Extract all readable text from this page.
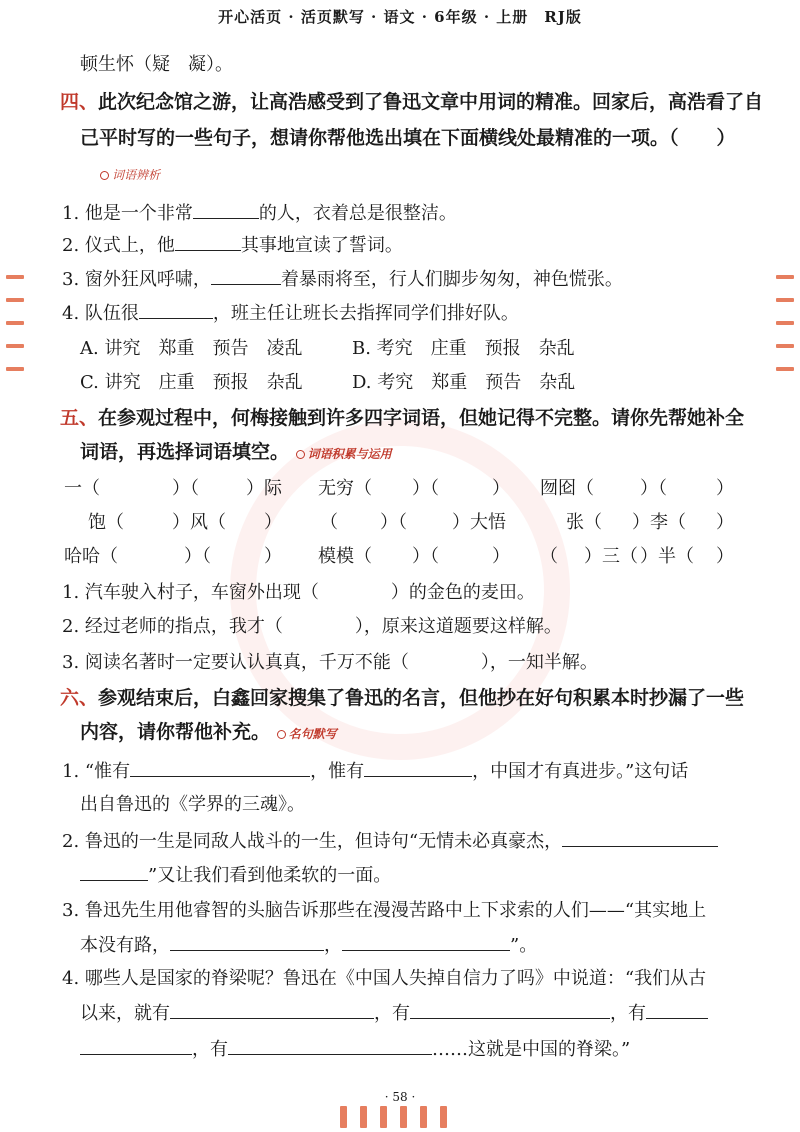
开心活页 · 活页默写 · 语文 · 6年级 · 上册　RJ版
顿生怀（疑　凝）。
四、此次纪念馆之游，让高浩感受到了鲁迅文章中用词的精准。回家后，高浩看了自
己平时写的一些句子，想请你帮他选出填在下面横线处最精准的一项。（　　）
词语辨析
1. 他是一个非常	的人，衣着总是很整洁。
2. 仪式上，他	其事地宣读了誓词。
3. 窗外狂风呼啸，	着暴雨将至，行人们脚步匆匆，神色慌张。
4. 队伍很	，班主任让班长去指挥同学们排好队。
A. 讲究　郑重　预告　凌乱	B. 考究　庄重　预报　杂乱
C. 讲究　庄重　预报　杂乱	D. 考究　郑重　预告　杂乱
五、在参观过程中，何梅接触到许多四字词语，但她记得不完整。请你先帮她补全
词语，再选择词语填空。 词语积累与运用
一（	）（	）际 无穷（ ）（	） 囫囵（	）（	）
饱（	）风（ ） （ ）（	）大悟	张（ ）李（ ）
哈哈（	）（	） 模模（ ）（	） （ ）三（ ）半（ ）
1. 汽车驶入村子，车窗外出现（　　　　）的金色的麦田。
2. 经过老师的指点，我才（　　　　），原来这道题要这样解。
3. 阅读名著时一定要认认真真，千万不能（　　　　），一知半解。
六、参观结束后，白鑫回家搜集了鲁迅的名言，但他抄在好句积累本时抄漏了一些
内容，请你帮他补充。 名句默写
1. “惟有	，惟有	，中国才有真进步。”这句话
出自鲁迅的《学界的三魂》。
2. 鲁迅的一生是同敌人战斗的一生，但诗句“无情未必真豪杰，
”又让我们看到他柔软的一面。
3. 鲁迅先生用他睿智的头脑告诉那些在漫漫苦路中上下求索的人们——“其实地上
本没有路，	，	”。
4. 哪些人是国家的脊梁呢？鲁迅在《中国人失掉自信力了吗》中说道：“我们从古
以来，就有	，有	，有
，有	……这就是中国的脊梁。”
· 58 ·
